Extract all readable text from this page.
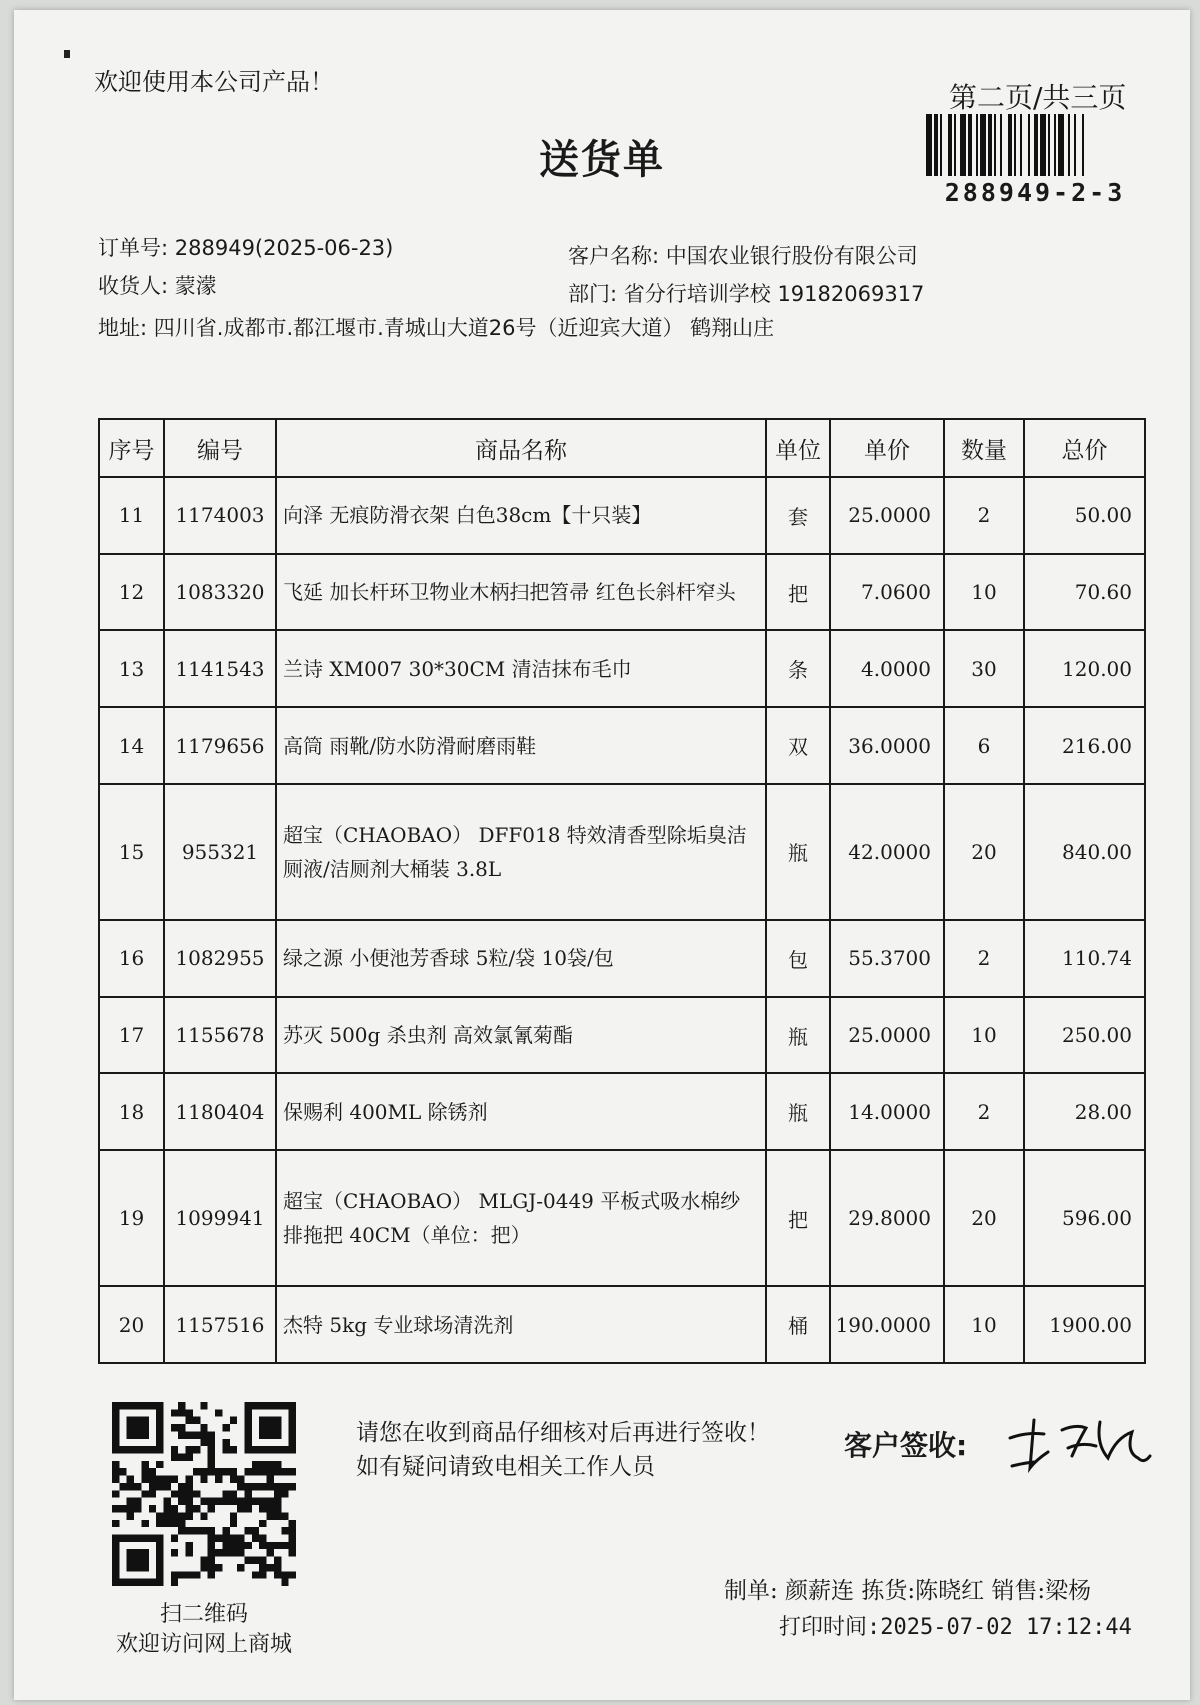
欢迎使用本公司产品！
送货单
第二页/共三页
288949-2-3
订单号: 288949(2025-06-23)
收货人: 蒙濛
地址: 四川省.成都市.都江堰市.青城山大道26号（近迎宾大道） 鹤翔山庄
客户名称: 中国农业银行股份有限公司
部门: 省分行培训学校 19182069317
序号	编号	商品名称	单位	单价	数量	总价
11	1174003	向泽 无痕防滑衣架 白色38cm【十只装】	套	25.0000	2	50.00
12	1083320	飞延 加长杆环卫物业木柄扫把笤帚 红色长斜杆窄头	把	7.0600	10	70.60
13	1141543	兰诗 XM007 30*30CM 清洁抹布毛巾	条	4.0000	30	120.00
14	1179656	高筒 雨靴/防水防滑耐磨雨鞋	双	36.0000	6	216.00
15	955321	超宝（CHAOBAO） DFF018 特效清香型除垢臭洁厕液/洁厕剂大桶装 3.8L	瓶	42.0000	20	840.00
16	1082955	绿之源 小便池芳香球 5粒/袋 10袋/包	包	55.3700	2	110.74
17	1155678	苏灭 500g 杀虫剂 高效氯氰菊酯	瓶	25.0000	10	250.00
18	1180404	保赐利 400ML 除锈剂	瓶	14.0000	2	28.00
19	1099941	超宝（CHAOBAO） MLGJ-0449 平板式吸水棉纱排拖把 40CM（单位：把）	把	29.8000	20	596.00
20	1157516	杰特 5kg 专业球场清洗剂	桶	190.0000	10	1900.00
扫二维码
欢迎访问网上商城
请您在收到商品仔细核对后再进行签收！如有疑问请致电相关工作人员
客户签收:
制单: 颜薪连 拣货:陈晓红 销售:梁杨
打印时间:2025-07-02 17:12:44
